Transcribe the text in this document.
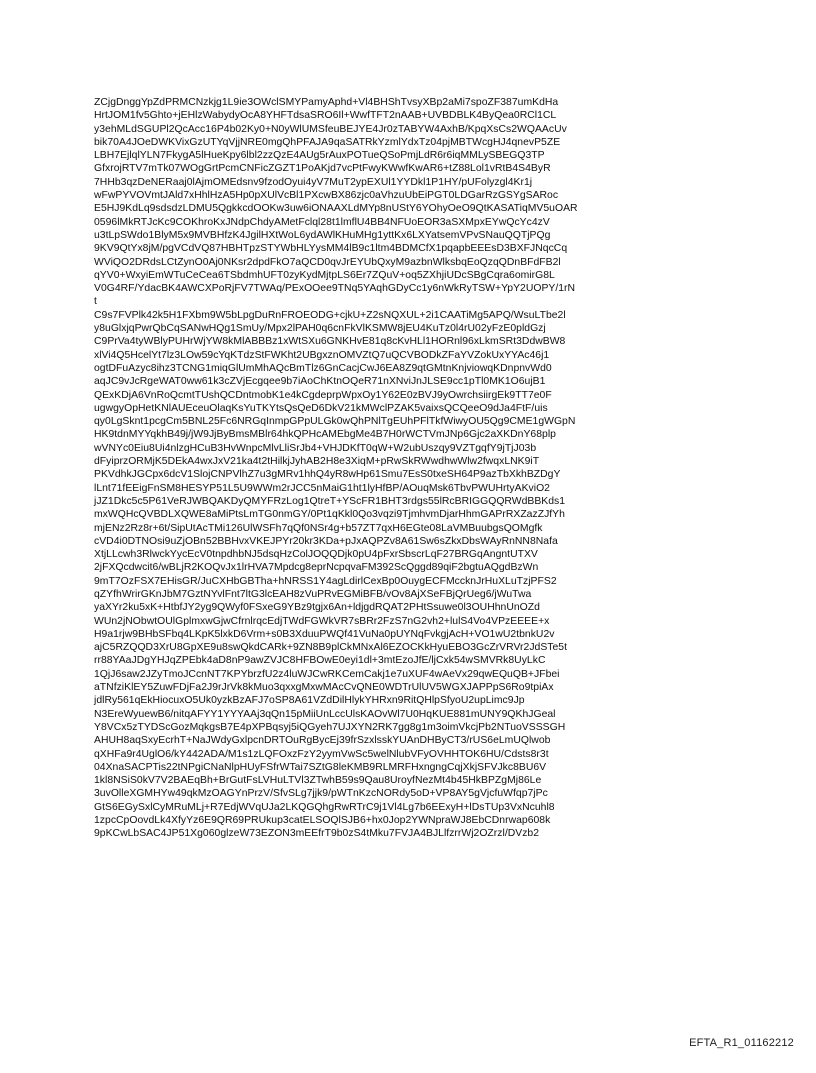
ZCjgDnggYpZdPRMCNzkjg1L9ie3OWclSMYPamyAphd+Vl4BHShTvsyXBp2aMi7spoZF387umKdHa
HrtJOM1fv5Ghto+jEHlzWabydyOcA8YHFTdsaSRO6Il+WwfTFT2nAAB+UVBDBLK4ByQea0RCl1CL
y3ehMLdSGUPl2QcAcc16P4b02Ky0+N0yWlUMSfeuBEJYE4Jr0zTABYW4AxhB/KpqXsCs2WQAAcUv
bik70A4JOeDWKVixGzUTYqVjjNRE0mgQhPFAJA9qaSATRkYzmlYdxTz04pjMBTWcgHJ4qnevP5ZE
LBH7EjlqlYLN7FkygA5lHueKpy6lbl2zzQzE4AUg5rAuxPOTueQSoPmjLdR6r6iqMMLySBEGQ3TP
GfxrojRTV7mTk07WOgGrtPcmCNFicZGZT1PoAKjd7vcPtFwyKWwfKwAR6+tZ88Lol1vRtB4S4ByR
7HHb3qzDeNERaaj0lAjmOMEdsnv9fzodOyui4yV7MuT2ypEXUl1YYDkl1P1HY/pUFolyzgl4Kr1j
wFwPYVOVmtJAld7xHhlHzA5Hp0pXUlVcBl1PXcwBX86zjc0aVhzuUbEiPGT0LDGarRzGSYgSARoc
E5HJ9KdLq9sdsdzLDMU5QgkkcdOOKw3uw6iONAAXLdMYp8nUStY6YOhyOeO9QtKASATiqMV5uOAR
0596lMkRTJcKc9COKhroKxJNdpChdyAMetFclql28t1lmflU4BB4NFUoEOR3aSXMpxEYwQcYc4zV
u3tLpSWdo1BlyM5x9MVBHfzK4JgilHXtWoL6ydAWlKHuMHg1yttKx6LXYatsemVPvSNauQQTjPQg
9KV9QtYx8jM/pgVCdVQ87HBHTpzSTYWbHLYysMM4lB9c1ltm4BDMCfX1pqapbEEEsD3BXFJNqcCq
WViQO2DRdsLCtZynO0Aj0NKsr2dpdFkO7aQCD0qvJrEYUbQxyM9azbnWlksbqEoQzqQDnBFdFB2l
qYV0+WxyiEmWTuCeCea6TSbdmhUFT0zyKydMjtpLS6Er7ZQuV+oq5ZXhjiUDcSBgCqra6omirG8L
V0G4RF/YdacBK4AWCXPoRjFV7TWAq/PExOOee9TNq5YAqhGDyCc1y6nWkRyTSW+YpY2UOPY/1rN
t
C9s7FVPlk42k5H1FXbm9W5bLpgDuRnFROEODG+cjkU+Z2sNQXUL+2i1CAATiMg5APQ/WsuLTbe2l
y8uGlxjqPwrQbCqSANwHQg1SmUy/Mpx2lPAH0q6cnFkVlKSMW8jEU4KuTz0l4rU02yFzE0pldGzj
C9PrVa4tyWBlyPUHrWjYW8kMlABBBz1xWtSXu6GNKHvE81q8cKvHLl1HORnl96xLkmSRt3DdwBW8
xlVi4Q5HcelYt7lz3LOw59cYqKTdzStFWKht2UBgxznOMVZtQ7uQCVBODkZFaYVZokUxYYAc46j1
ogtDFuAzyc8ihz3TCNG1miqGlUmMhAQcBmTlz6GnCacjCwJ6EA8Z9qtGMtnKnjviowqKDnpnvWd0
aqJC9vJcRgeWAT0ww61k3cZVjEcgqee9b7iAoChKtnOQeR71nXNviJnJLSE9cc1pTl0MK1O6ujB1
QExKDjA6VnRoQcmtTUshQCDntmobK1e4kCgdeprpWpxOy1Y62E0zBVJ9yOwrchsiirgEk9TT7e0F
ugwgyOpHetKNlAUEceuOlaqKsYuTKYtsQsQeD6DkV21kMWclPZAK5vaixsQCQeeO9dJa4FtF/uis
qy0LgSknt1pcgCm5BNL25Fc6NRGqInmpGPpULGk0wQhPNlTgEUhPFlTkfWiwyOU5Qg9CME1gWGpN
HK9tdnMYYqkhB49j/jW9JjByBmsMBlr64hkQPHcAMEbgMe4B7H0rWCTVmJNp6Gjc2aXKDnY68plp
wVNYc0Eiu8Ui4nlzgHCuB3HvWnpcMlvLliSrJb4+VHJDKfT0qW+W2ubUszqy9VZTgqfY9jTjJ03b
dFyiprzORMjK5DEkA4wxJxV21ka4t2tHilkjJyhAB2H8e3XiqM+pRwSkRWwdhwWlw2fwqxLNK9iT
PKVdhkJGCpx6dcV1SlojCNPVlhZ7u3gMRv1hhQ4yR8wHp61Smu7EsS0txeSH64P9azTbXkhBZDgY
lLnt71fEEigFnSM8HESYP51L5U9WWm2rJCC5nMaiG1ht1lyHfBP/AOuqMsk6TbvPWUHrtyAKviO2
jJZ1Dkc5c5P61VeRJWBQAKDyQMYFRzLog1QtreT+YScFR1BHT3rdgs55lRcBRIGGQQRWdBBKds1
mxWQHcQVBDLXQWE8aMiPtsLmTG0nmGY/0Pt1qKkl0Qo3vqzi9TjmhvmDjarHhmGAPrRXZazZJfYh
mjENz2Rz8r+6t/SipUtAcTMi126UlWSFh7qQf0NSr4g+b57ZT7qxH6EGte08LaVMBuubgsQOMgfk
cVD4i0DTNOsi9uZjOBn52BBHvxVKEJPYr20kr3KDa+pJxAQPZv8A61Sw6sZkxDbsWAyRnNN8Nafa
XtjLLcwh3RlwckYycEcV0tnpdhbNJ5dsqHzColJOQQDjk0pU4pFxrSbscrLqF27BRGqAngntUTXV
2jFXQcdwcit6/wBLjR2KOQvJx1lrHVA7Mpdcg8eprNcpqvaFM392ScQggd89qiF2bgtuAQgdBzWn
9mT7OzFSX7EHisGR/JuCXHbGBTha+hNRSS1Y4agLdirlCexBp0OuygECFMccknJrHuXLuTzjPFS2
qZYfhWrirGKnJbM7GztNYvlFnt7ltG3lcEAH8zVuPRvEGMiBFB/vOv8AjXSeFBjQrUeg6/jWuTwa
yaXYr2ku5xK+HtbfJY2yg9QWyf0FSxeG9YBz9tgjx6An+ldjgdRQAT2PHtSsuwe0l3OUHhnUnOZd
WUn2jNObwtOUlGplmxwGjwCfrnlrqcEdjTWdFGWkVR7sBRr2FzS7nG2vh2+lulS4Vo4VPzEEEE+x
H9a1rjw9BHbSFbq4LKpK5lxkD6Vrm+s0B3XduuPWQf41VuNa0pUYNqFvkgjAcH+VO1wU2tbnkU2v
ajC5RZQQD3XrU8GpXE9u8swQkdCARk+9ZN8B9plCkMNxAl6EZOCKkHyuEBO3GcZrVRVr2JdSTe5t
rr88YAaJDgYHJqZPEbk4aD8nP9awZVJC8HFBOwE0eyi1dl+3mtEzoJfE/ljCxk54wSMVRk8UyLkC
1QjJ6saw2JZyTmoJCcnNT7KPYbrzfU2z4luWJCwRKCemCakj1e7uXUF4wAeVx29qwEQuQB+JFbei
aTNfziKlEY5ZuwFDjFa2J9rJrVk8kMuo3qxxgMxwMAcCvQNE0WDTrUlUV5WGXJAPPpS6Ro9tpiAx
jdlRy561qEkHiocuxO5Uk0yzkBzAFJ7oSP8A61VZdDilHlykYHRxn9RitQHlpSfyoU2upLimc9Jp
N3EreWyuewB6/nitqAFYY1YYYAAj3qQn15pMiiUnLccUlsKAOvWl7U0HqKUE881mUNY9QKhJGeal
Y8VCx5zTYDScGozMqkgsB7E4pXPBqsyj5iQGyeh7UJXYN2RK7gg8g1m3oimVkcjPb2NTuoVSSSGH
AHUH8aqSxyEcrhT+NaJWdyGxlpcnDRTOuRgBycEj39frSzxlsskYUAnDHByCT3/rUS6eLmUQlwob
qXHFa9r4UglO6/kY442ADA/M1s1zLQFOxzFzY2yymVwSc5welNlubVFyOVHHTOK6HU/Cdsts8r3t
04XnaSACPTis22tNPgiCNaNlpHUyFSfrWTai7SZtG8leKMB9RLMRFHxngngCqjXkjSFVJkc8BU6V
1kl8NSiS0kV7V2BAEqBh+BrGutFsLVHuLTVl3ZTwhB59s9Qau8UroyfNezMt4b45HkBPZgMj86Le
3uvOlleXGMHYw49qkMzOAGYnPrzV/SfvSLg7jjk9/pWTnKzcNORdy5oD+VP8AY5gVjcfuWfqp7jPc
GtS6EGySxlCyMRuMLj+R7EdjWVqUJa2LKQGQhgRwRTrC9j1Vl4Lg7b6EExyH+lDsTUp3VxNcuhl8
1zpcCpOovdLk4XfyYz6E9QR69PRUkup3catELSOQlSJB6+hx0Jop2YWNpraWJ8EbCDnrwap608k
9pKCwLbSAC4JP51Xg060glzeW73EZON3mEEfrT9b0zS4tMku7FVJA4BJLlfzrrWj2OZrzl/DVzb2
EFTA_R1_01162212
